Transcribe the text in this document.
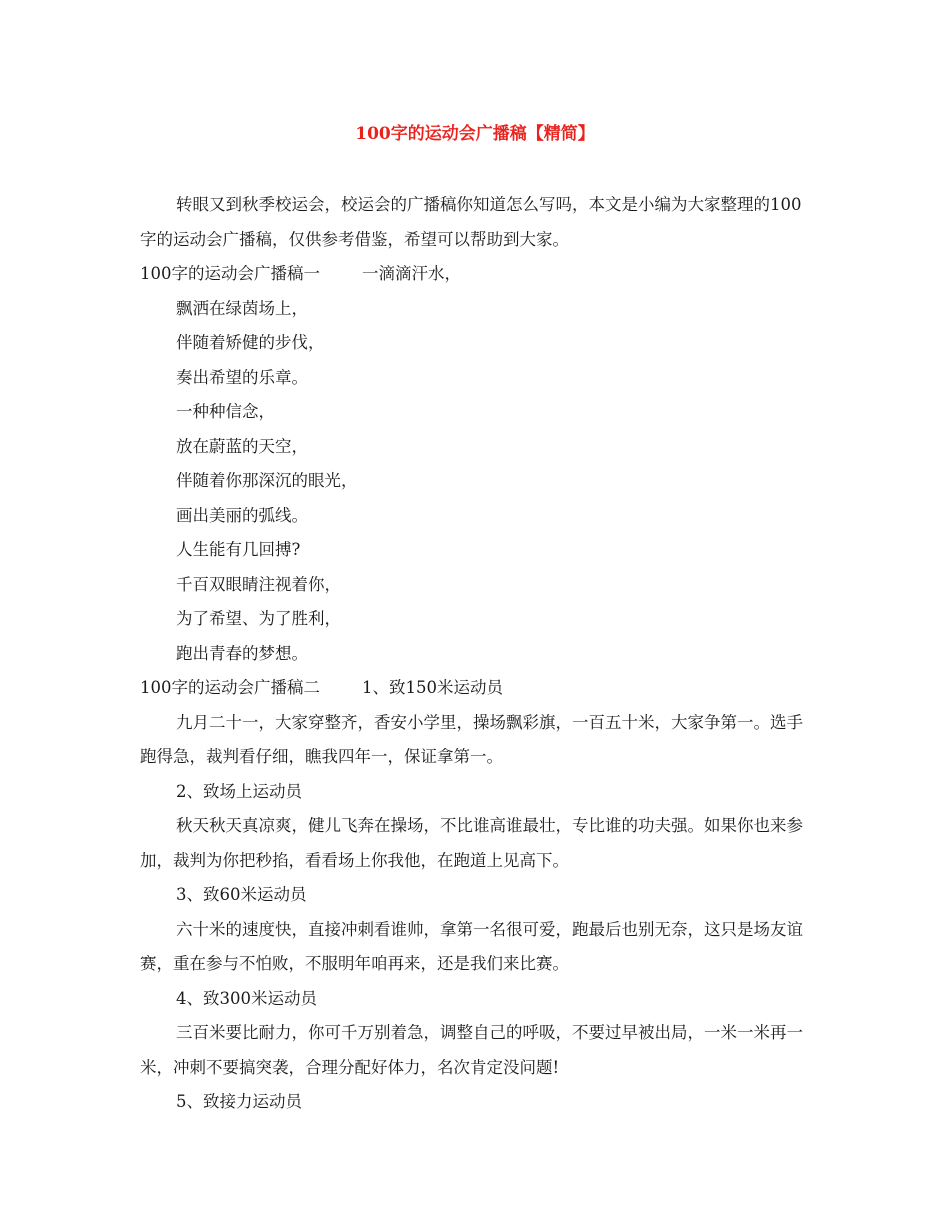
100字的运动会广播稿【精简】

转眼又到秋季校运会，校运会的广播稿你知道怎么写吗，本文是小编为大家整理的100字的运动会广播稿，仅供参考借鉴，希望可以帮助到大家。

100字的运动会广播稿一	一滴滴汗水，

飘洒在绿茵场上，

伴随着矫健的步伐，

奏出希望的乐章。

一种种信念，

放在蔚蓝的天空，

伴随着你那深沉的眼光，

画出美丽的弧线。

人生能有几回搏?

千百双眼睛注视着你，

为了希望、为了胜利，

跑出青春的梦想。

100字的运动会广播稿二	1、致150米运动员

九月二十一，大家穿整齐，香安小学里，操场飘彩旗，一百五十米，大家争第一。选手跑得急，裁判看仔细，瞧我四年一，保证拿第一。

2、致场上运动员

秋天秋天真凉爽，健儿飞奔在操场，不比谁高谁最壮，专比谁的功夫强。如果你也来参加，裁判为你把秒掐，看看场上你我他，在跑道上见高下。

3、致60米运动员

六十米的速度快，直接冲刺看谁帅，拿第一名很可爱，跑最后也别无奈，这只是场友谊赛，重在参与不怕败，不服明年咱再来，还是我们来比赛。

4、致300米运动员

三百米要比耐力，你可千万别着急，调整自己的呼吸，不要过早被出局，一米一米再一米，冲刺不要搞突袭，合理分配好体力，名次肯定没问题!

5、致接力运动员
